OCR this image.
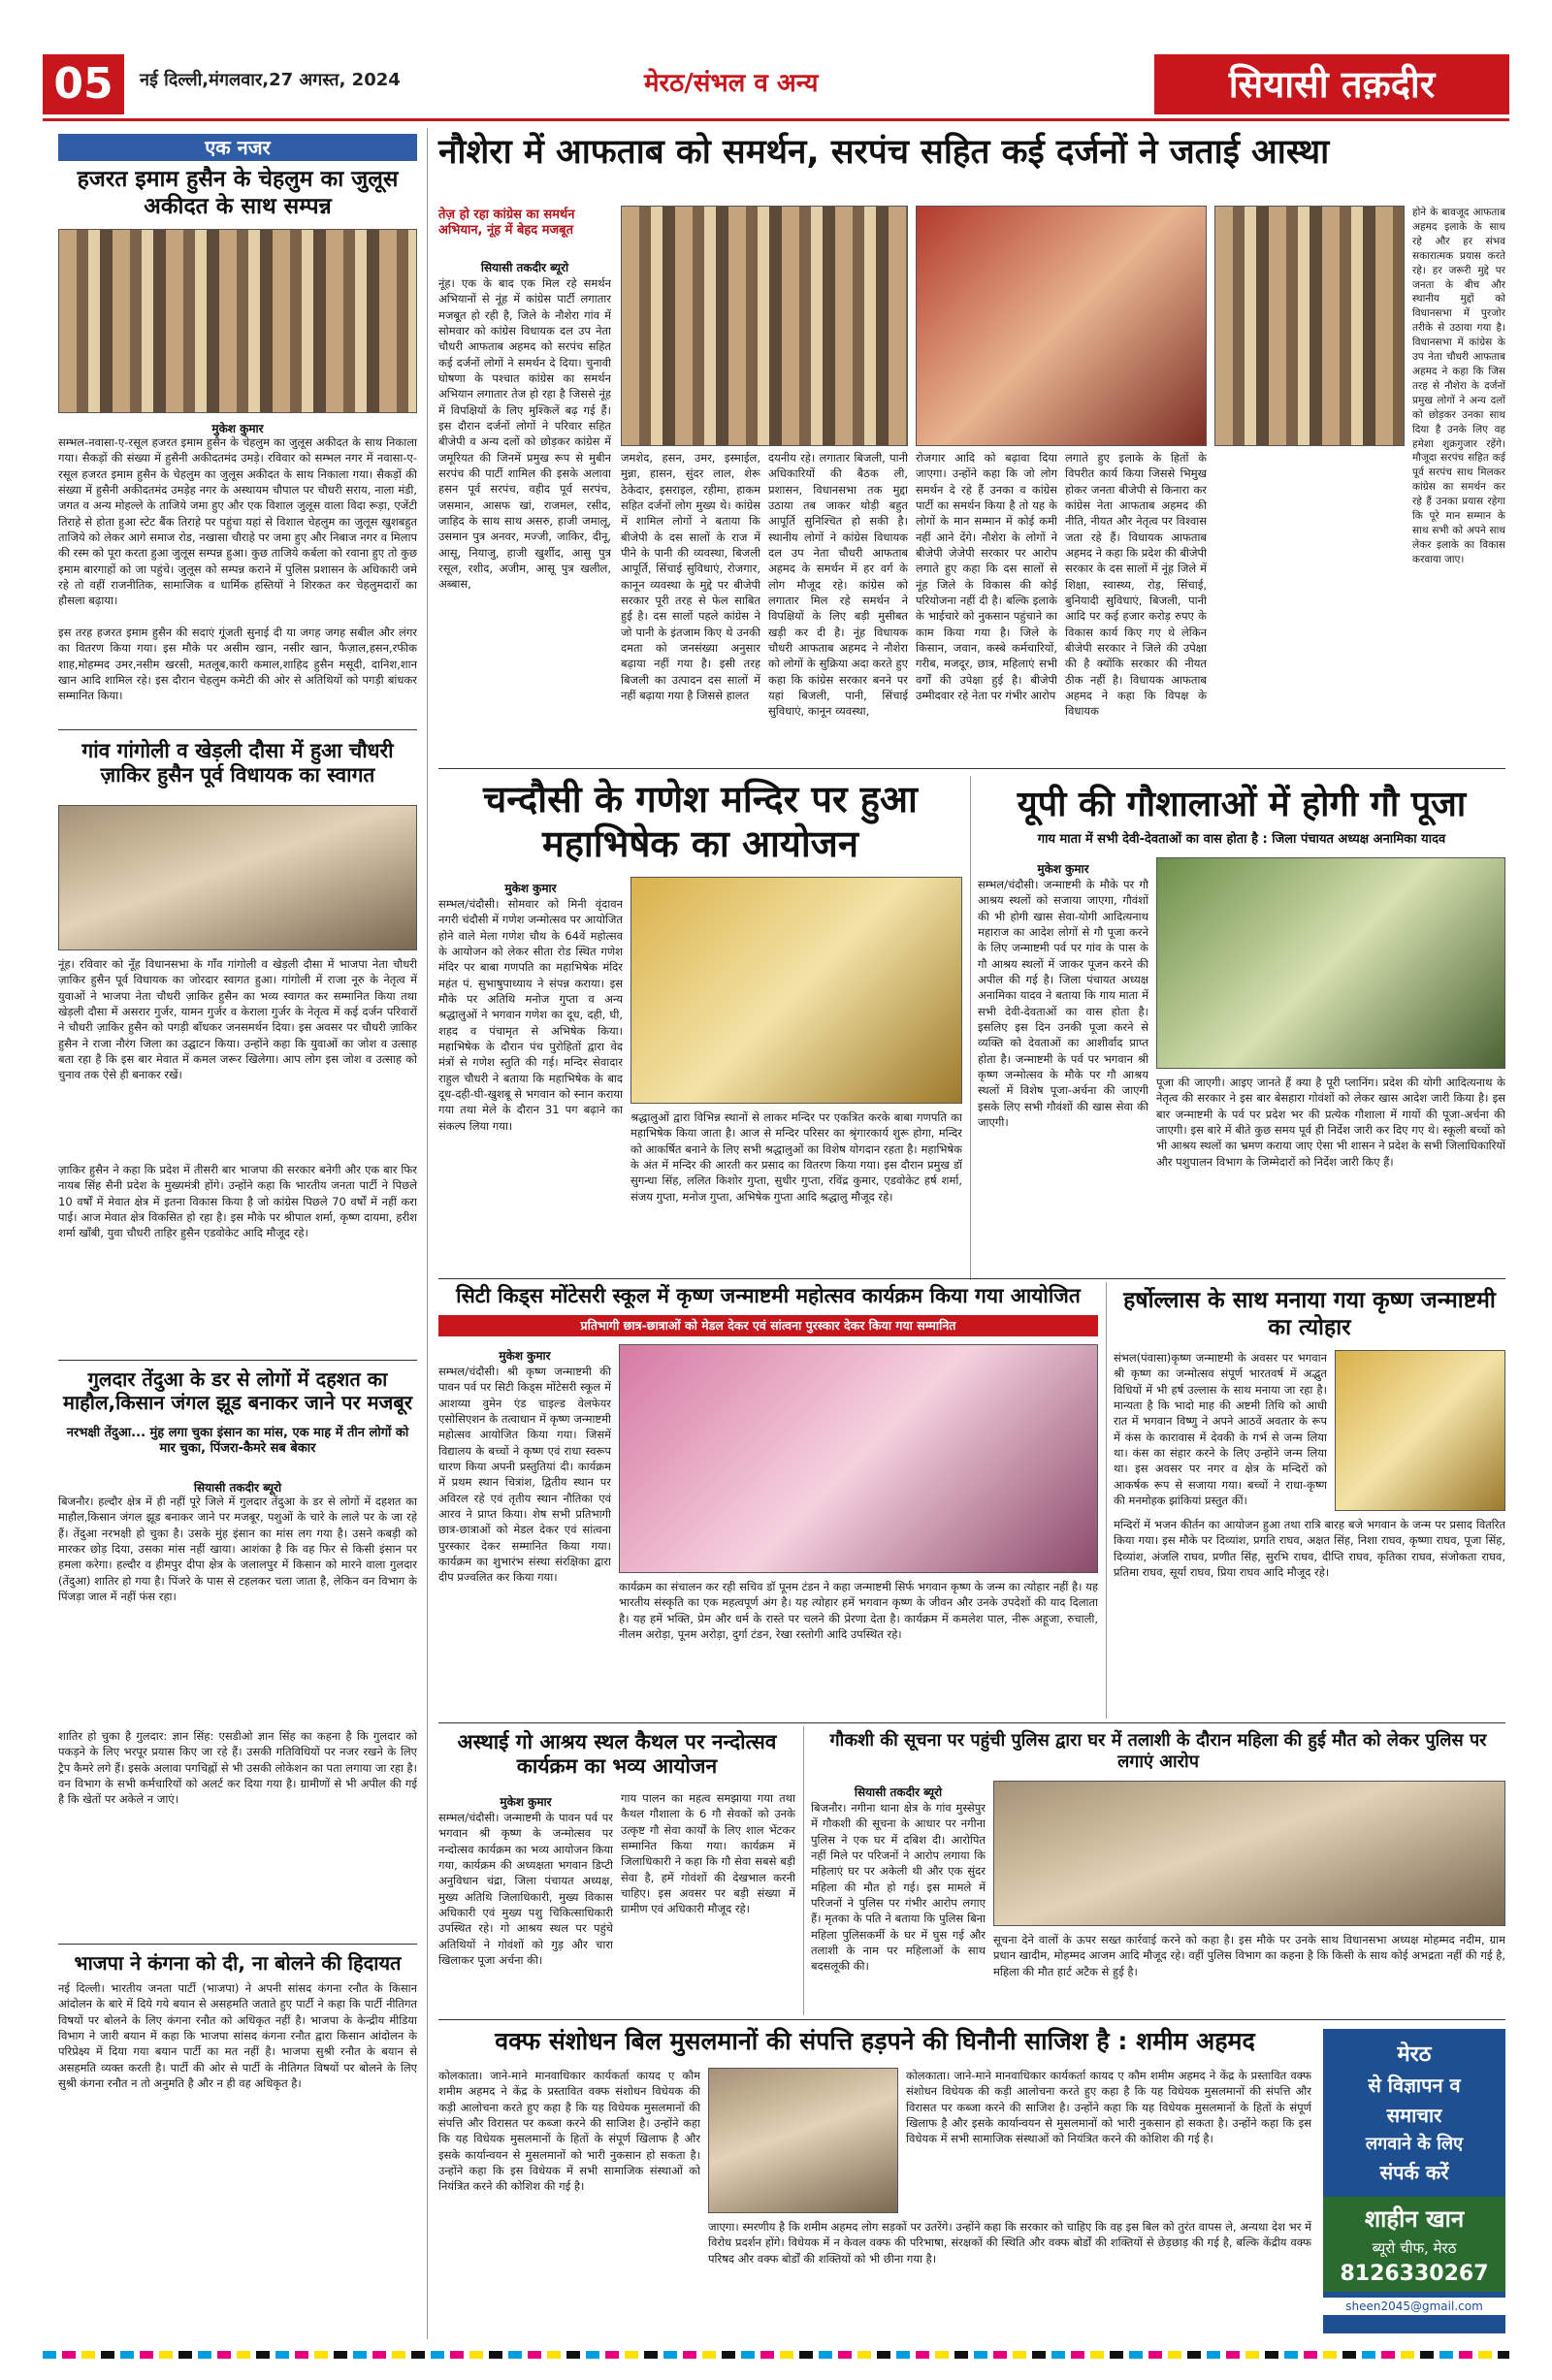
05	नई दिल्ली,मंगलवार,27 अगस्त, 2024	मेरठ/संभल व अन्य	सियासी तक़दीर
एक नजर
हजरत इमाम हुसैन के चेहलुम का जुलूस अकीदत के साथ सम्पन्न
मुकेश कुमार
सम्भल-नवासा-ए-रसूल हजरत इमाम हुसैन के चेहलुम का जुलूस अकीदत के साथ निकाला गया। सैकड़ों की संख्या में हुसैनी अकीदतमंद उमड़े। रविवार को सम्भल नगर में नवासा-ए-रसूल हजरत इमाम हुसैन के चेहलुम का जुलूस अकीदत के साथ निकाला गया। सैकड़ों की संख्या में हुसैनी अकीदतमंद उमड़ेह नगर के अस्थायम चौपाल पर चौधरी सराय, नाला मंडी, जगत व अन्य मोहल्ले के ताजिये जमा हुए और एक विशाल जुलूस वाला विदा रूड़ा, एजेंटी तिराहे से होता हुआ स्टेट बैंक तिराहे पर पहुंचा यहां से विशाल चेहलुम का जुलूस खुशबहुत ताजिये को लेकर आगे समाज रोड, नखासा चौराहे पर जमा हुए और निबाज नगर व मिलाप की रस्म को पूरा करता हुआ जुलूस सम्पन्न हुआ। कुछ ताजिये कर्बला को रवाना हुए तो कुछ इमाम बारगाहों को जा पहुंचे। जुलूस को सम्पन्न कराने में पुलिस प्रशासन के अधिकारी जमे रहे तो वहीं राजनीतिक, सामाजिक व धार्मिक हस्तियों ने शिरकत कर चेहलुमदारों का हौसला बढ़ाया।
इस तरह हजरत इमाम हुसैन की सदाएं गूंजती सुनाई दी या जगह जगह सबील और लंगर का वितरण किया गया। इस मौके पर असीम खान, नसीर खान, फैज़ाल,हसन,रफीक शाह,मोहम्मद उमर,नसीम खरसी, मतलूब,कारी कमाल,शाहिद हुसैन मसूदी, दानिश,शान खान आदि शामिल रहे। इस दौरान चेहलुम कमेटी की ओर से अतिथियों को पगड़ी बांधकर सम्मानित किया।
गांव गांगोली व खेड़ली दौसा में हुआ चौधरी ज़ाकिर हुसैन पूर्व विधायक का स्वागत
नूंह। रविवार को नूँह विधानसभा के गाँव गांगोली व खेड़ली दौसा में भाजपा नेता चौधरी ज़ाकिर हुसैन पूर्व विधायक का जोरदार स्वागत हुआ। गांगोली में राजा नूरु के नेतृत्व में युवाओं ने भाजपा नेता चौधरी ज़ाकिर हुसैन का भव्य स्वागत कर सम्मानित किया तथा खेड़ली दौसा में असरार गुर्जर, यामन गुर्जर व केराला गुर्जर के नेतृत्व में कई दर्जन परिवारों ने चौधरी ज़ाकिर हुसैन को पगड़ी बाँधकर जनसमर्थन दिया। इस अवसर पर चौधरी ज़ाकिर हुसैन ने राजा नौरंग जिला का उद्घाटन किया। उन्होंने कहा कि युवाओं का जोश व उत्साह बता रहा है कि इस बार मेवात में कमल जरूर खिलेगा। आप लोग इस जोश व उत्साह को चुनाव तक ऐसे ही बनाकर रखें।
ज़ाकिर हुसैन ने कहा कि प्रदेश में तीसरी बार भाजपा की सरकार बनेगी और एक बार फिर नायब सिंह सैनी प्रदेश के मुख्यमंत्री होंगे। उन्होंने कहा कि भारतीय जनता पार्टी ने पिछले 10 वर्षों में मेवात क्षेत्र में इतना विकास किया है जो कांग्रेस पिछले 70 वर्षों में नहीं करा पाई। आज मेवात क्षेत्र विकसित हो रहा है। इस मौके पर श्रीपाल शर्मा, कृष्ण दायमा, हरीश शर्मा खाँबी, युवा चौधरी ताहिर हुसैन एडवोकेट आदि मौजूद रहे।
गुलदार तेंदुआ के डर से लोगों में दहशत का माहौल,किसान जंगल झूड बनाकर जाने पर मजबूर
नरभक्षी तेंदुआ... मुंह लगा चुका इंसान का मांस, एक माह में तीन लोगों को मार चुका, पिंजरा-कैमरे सब बेकार
सियासी तकदीर ब्यूरो
बिजनौर। हल्दौर क्षेत्र में ही नहीं पूरे जिले में गुलदार तेंदुआ के डर से लोगों में दहशत का माहौल,किसान जंगल झूड बनाकर जाने पर मजबूर, पशुओं के चारे के लाले पर के जा रहे हैं। तेंदुआ नरभक्षी हो चुका है। उसके मुंह इंसान का मांस लग गया है। उसने कबड़ी को मारकर छोड़ दिया, उसका मांस नहीं खाया। आशंका है कि वह फिर से किसी इंसान पर हमला करेगा। हल्दौर व हीमपुर दीपा क्षेत्र के जलालपुर में किसान को मारने वाला गुलदार (तेंदुआ) शातिर हो गया है। पिंजरे के पास से टहलकर चला जाता है, लेकिन वन विभाग के पिंजड़ा जाल में नहीं फंस रहा।
शातिर हो चुका है गुलदार: ज्ञान सिंह: एसडीओ ज्ञान सिंह का कहना है कि गुलदार को पकड़ने के लिए भरपूर प्रयास किए जा रहे हैं। उसकी गतिविधियों पर नजर रखने के लिए ट्रैप कैमरे लगे हैं। इसके अलावा पगचिह्नों से भी उसकी लोकेशन का पता लगाया जा रहा है। वन विभाग के सभी कर्मचारियों को अलर्ट कर दिया गया है। ग्रामीणों से भी अपील की गई है कि खेतों पर अकेले न जाएं।
भाजपा ने कंगना को दी, ना बोलने की हिदायत
नई दिल्ली। भारतीय जनता पार्टी (भाजपा) ने अपनी सांसद कंगना रनौत के किसान आंदोलन के बारे में दिये गये बयान से असहमति जताते हुए पार्टी ने कहा कि पार्टी नीतिगत विषयों पर बोलने के लिए कंगना रनौत को अधिकृत नहीं है। भाजपा के केन्द्रीय मीडिया विभाग ने जारी बयान में कहा कि भाजपा सांसद कंगना रनौत द्वारा किसान आंदोलन के परिप्रेक्ष्य में दिया गया बयान पार्टी का मत नहीं है। भाजपा सुश्री रनौत के बयान से असहमति व्यक्त करती है। पार्टी की ओर से पार्टी के नीतिगत विषयों पर बोलने के लिए सुश्री कंगना रनौत न तो अनुमति है और न ही वह अधिकृत है।
नौशेरा में आफताब को समर्थन, सरपंच सहित कई दर्जनों ने जताई आस्था
तेज़ हो रहा कांग्रेस का समर्थन अभियान, नूंह में बेहद मजबूत
सियासी तकदीर ब्यूरो
नूंह। एक के बाद एक मिल रहे समर्थन अभियानों से नूंह में कांग्रेस पार्टी लगातार मजबूत हो रही है, जिले के नौशेरा गांव में सोमवार को कांग्रेस विधायक दल उप नेता चौधरी आफताब अहमद को सरपंच सहित कई दर्जनों लोगों ने समर्थन दे दिया। चुनावी घोषणा के पश्चात कांग्रेस का समर्थन अभियान लगातार तेज हो रहा है जिससे नूंह में विपक्षियों के लिए मुश्किलें बढ़ गई हैं। इस दौरान दर्जनों लोगों ने परिवार सहित बीजेपी व अन्य दलों को छोड़कर कांग्रेस में जमूरियत की जिनमें प्रमुख रूप से मुबीन सरपंच की पार्टी शामिल की इसके अलावा हसन पूर्व सरपंच, वहीद पूर्व सरपंच, जसमान, आसफ खां, राजमल, रसीद, जाहिद के साथ साथ असरु, हाजी जमालू, उसमान पुत्र अनवर, मज्जी, जाकिर, दीनू, आसू, नियाजु, हाजी खुर्शीद, आसु पुत्र रसूल, रशीद, अजीम, आसू पुत्र खलील, अब्बास,
जमशेद, हसन, उमर, इस्माईल, मुन्ना, हासन, सुंदर लाल, शेरू ठेकेदार, इसराइल, रहीमा, हाकम सहित दर्जनों लोग मुख्य थे। कांग्रेस में शामिल लोगों ने बताया कि बीजेपी के दस सालों के राज में पीने के पानी की व्यवस्था, बिजली आपूर्ति, सिंचाई सुविधाएं, रोजगार, कानून व्यवस्था के मुद्दे पर बीजेपी सरकार पूरी तरह से फेल साबित हुई है। दस सालों पहले कांग्रेस ने जो पानी के इंतजाम किए थे उनकी दमता को जनसंख्या अनुसार बढ़ाया नहीं गया है। इसी तरह बिजली का उत्पादन दस सालों में नहीं बढ़ाया गया है जिससे हालत
दयनीय रहे। लगातार बिजली, पानी अधिकारियों की बैठक ली, प्रशासन, विधानसभा तक मुद्दा उठाया तब जाकर थोड़ी बहुत आपूर्ति सुनिश्चित हो सकी है। स्थानीय लोगों ने कांग्रेस विधायक दल उप नेता चौधरी आफताब अहमद के समर्थन में हर वर्ग के लोग मौजूद रहे। कांग्रेस को लगातार मिल रहे समर्थन ने विपक्षियों के लिए बड़ी मुसीबत खड़ी कर दी है। नूंह विधायक चौधरी आफताब अहमद ने नौशेरा को लोगों के सुक्रिया अदा करते हुए कहा कि कांग्रेस सरकार बनने पर यहां बिजली, पानी, सिंचाई सुविधाएं, कानून व्यवस्था,
रोजगार आदि को बढ़ावा दिया जाएगा। उन्होंने कहा कि जो लोग समर्थन दे रहे हैं उनका व कांग्रेस पार्टी का समर्थन किया है तो यह के लोगों के मान सम्मान में कोई कमी नहीं आने देंगे। नौशेरा के लोगों ने बीजेपी जेजेपी सरकार पर आरोप लगाते हुए कहा कि दस सालों से नूंह जिले के विकास की कोई परियोजना नहीं दी है। बल्कि इलाके के भाईचारे को नुकसान पहुंचाने का काम किया गया है। जिले के किसान, जवान, कस्बे कर्मचारियों, गरीब, मजदूर, छात्र, महिलाएं सभी वर्गों की उपेक्षा हुई है। बीजेपी उम्मीदवार रहे नेता पर गंभीर आरोप
लगाते हुए इलाके के हितों के विपरीत कार्य किया जिससे भिमुख होकर जनता बीजेपी से किनारा कर कांग्रेस नेता आफताब अहमद की नीति, नीयत और नेतृत्व पर विश्वास जता रहे हैं। विधायक आफताब अहमद ने कहा कि प्रदेश की बीजेपी सरकार के दस सालों में नूंह जिले में शिक्षा, स्वास्थ्य, रोड़, सिंचाई, बुनियादी सुविधाएं, बिजली, पानी आदि पर कई हजार करोड़ रुपए के विकास कार्य किए गए थे लेकिन बीजेपी सरकार ने जिले की उपेक्षा की है क्योंकि सरकार की नीयत ठीक नहीं है। विधायक आफताब अहमद ने कहा कि विपक्ष के विधायक
होने के बावजूद आफताब अहमद इलाके के साथ रहे और हर संभव सकारात्मक प्रयास करते रहे। हर जरूरी मुद्दे पर जनता के बीच और स्थानीय मुद्दों को विधानसभा में पुरजोर तरीके से उठाया गया है। विधानसभा में कांग्रेस के उप नेता चौधरी आफताब अहमद ने कहा कि जिस तरह से नौशेरा के दर्जनों प्रमुख लोगों ने अन्य दलों को छोड़कर उनका साथ दिया है उनके लिए वह हमेशा शुक्रगुजार रहेंगे। मौजूदा सरपंच सहित कई पूर्व सरपंच साथ मिलकर कांग्रेस का समर्थन कर रहे हैं उनका प्रयास रहेगा कि पूरे मान सम्मान के साथ सभी को अपने साथ लेकर इलाके का विकास करवाया जाए।
चन्दौसी के गणेश मन्दिर पर हुआ महाभिषेक का आयोजन
मुकेश कुमार
सम्भल/चंदौसी। सोमवार को मिनी वृंदावन नगरी चंदौसी में गणेश जन्मोत्सव पर आयोजित होने वाले मेला गणेश चौथ के 64वें महोत्सव के आयोजन को लेकर सीता रोड स्थित गणेश मंदिर पर बाबा गणपति का महाभिषेक मंदिर महंत पं. सुभाषुपाध्याय ने संपन्न कराया। इस मौके पर अतिथि मनोज गुप्ता व अन्य श्रद्धालुओं ने भगवान गणेश का दूध, दही, घी, शहद व पंचामृत से अभिषेक किया। महाभिषेक के दौरान पंच पुरोहितों द्वारा वेद मंत्रों से गणेश स्तुति की गई। मन्दिर सेवादार राहुल चौधरी ने बताया कि महाभिषेक के बाद दूध-दही-घी-खुशबू से भगवान को स्नान कराया गया तथा मेले के दौरान 31 पग बढ़ाने का संकल्प लिया गया।
श्रद्धालुओं द्वारा विभिन्न स्थानों से लाकर मन्दिर पर एकत्रित करके बाबा गणपति का महाभिषेक किया जाता है। आज से मन्दिर परिसर का श्रृंगारकार्य शुरू होगा, मन्दिर को आकर्षित बनाने के लिए सभी श्रद्धालुओं का विशेष योगदान रहता है। महाभिषेक के अंत में मन्दिर की आरती कर प्रसाद का वितरण किया गया। इस दौरान प्रमुख डॉ सुगन्धा सिंह, ललित किशोर गुप्ता, सुधीर गुप्ता, रविंद्र कुमार, एडवोकेट हर्ष शर्मा, संजय गुप्ता, मनोज गुप्ता, अभिषेक गुप्ता आदि श्रद्धालु मौजूद रहे।
यूपी की गौशालाओं में होगी गौ पूजा
गाय माता में सभी देवी-देवताओं का वास होता है : जिला पंचायत अध्यक्ष अनामिका यादव
मुकेश कुमार
सम्भल/चंदौसी। जन्माष्टमी के मौके पर गौ आश्रय स्थलों को सजाया जाएगा, गौवंशों की भी होगी खास सेवा-योगी आदित्यनाथ महाराज का आदेश लोगों से गौ पूजा करने के लिए जन्माष्टमी पर्व पर गांव के पास के गौ आश्रय स्थलों में जाकर पूजन करने की अपील की गई है। जिला पंचायत अध्यक्ष अनामिका यादव ने बताया कि गाय माता में सभी देवी-देवताओं का वास होता है। इसलिए इस दिन उनकी पूजा करने से व्यक्ति को देवताओं का आशीर्वाद प्राप्त होता है। जन्माष्टमी के पर्व पर भगवान श्री कृष्ण जन्मोत्सव के मौके पर गौ आश्रय स्थलों में विशेष पूजा-अर्चना की जाएगी इसके लिए सभी गौवंशों की खास सेवा की जाएगी।
पूजा की जाएगी। आइए जानते हैं क्या है पूरी प्लानिंग। प्रदेश की योगी आदित्यनाथ के नेतृत्व की सरकार ने इस बार बेसहारा गोवंशों को लेकर खास आदेश जारी किया है। इस बार जन्माष्टमी के पर्व पर प्रदेश भर की प्रत्येक गौशाला में गायों की पूजा-अर्चना की जाएगी। इस बारे में बीते कुछ समय पूर्व ही निर्देश जारी कर दिए गए थे। स्कूली बच्चों को भी आश्रय स्थलों का भ्रमण कराया जाए ऐसा भी शासन ने प्रदेश के सभी जिलाधिकारियों और पशुपालन विभाग के जिम्मेदारों को निर्देश जारी किए हैं।
सिटी किड्स मोंटेसरी स्कूल में कृष्ण जन्माष्टमी महोत्सव कार्यक्रम किया गया आयोजित
प्रतिभागी छात्र-छात्राओं को मेडल देकर एवं सांत्वना पुरस्कार देकर किया गया सम्मानित
मुकेश कुमार
सम्भल/चंदौसी। श्री कृष्ण जन्माष्टमी की पावन पर्व पर सिटी किड्स मोंटेसरी स्कूल में आशय्या वुमेन एंड चाइल्ड वेलफेयर एसोसिएशन के तत्वाधान में कृष्ण जन्माष्टमी महोत्सव आयोजित किया गया। जिसमें विद्यालय के बच्चों ने कृष्ण एवं राधा स्वरूप धारण किया अपनी प्रस्तुतियां दी। कार्यक्रम में प्रथम स्थान चित्रांश, द्वितीय स्थान पर अविरल रहे एवं तृतीय स्थान नौतिका एवं आरव ने प्राप्त किया। शेष सभी प्रतिभागी छात्र-छात्राओं को मेडल देकर एवं सांत्वना पुरस्कार देकर सम्मानित किया गया। कार्यक्रम का शुभारंभ संस्था संरक्षिका द्वारा दीप प्रज्वलित कर किया गया।
कार्यक्रम का संचालन कर रही सचिव डॉ पूनम टंडन ने कहा जन्माष्टमी सिर्फ भगवान कृष्ण के जन्म का त्योहार नहीं है। यह भारतीय संस्कृति का एक महत्वपूर्ण अंग है। यह त्योहार हमें भगवान कृष्ण के जीवन और उनके उपदेशों की याद दिलाता है। यह हमें भक्ति, प्रेम और धर्म के रास्ते पर चलने की प्रेरणा देता है। कार्यक्रम में कमलेश पाल, नीरू अहूजा, रुचाली, नीलम अरोड़ा, पूनम अरोड़ा, दुर्गा टंडन, रेखा रस्तोगी आदि उपस्थित रहे।
हर्षोल्लास के साथ मनाया गया कृष्ण जन्माष्टमी का त्योहार
संभल(पंवासा)कृष्ण जन्माष्टमी के अवसर पर भगवान श्री कृष्ण का जन्मोत्सव संपूर्ण भारतवर्ष में अद्भुत विधियों में भी हर्ष उल्लास के साथ मनाया जा रहा है। मान्यता है कि भादो माह की अष्टमी तिथि को आधी रात में भगवान विष्णु ने अपने आठवें अवतार के रूप में कंस के कारावास में देवकी के गर्भ से जन्म लिया था। कंस का संहार करने के लिए उन्होंने जन्म लिया था। इस अवसर पर नगर व क्षेत्र के मन्दिरों को आकर्षक रूप से सजाया गया। बच्चों ने राधा-कृष्ण की मनमोहक झांकियां प्रस्तुत कीं।
मन्दिरों में भजन कीर्तन का आयोजन हुआ तथा रात्रि बारह बजे भगवान के जन्म पर प्रसाद वितरित किया गया। इस मौके पर दिव्यांश, प्रगति राघव, अक्षत सिंह, निशा राघव, कृष्णा राघव, पूजा सिंह, दिव्यांश, अंजलि राघव, प्रणीत सिंह, सुरभि राघव, दीप्ति राघव, कृतिका राघव, संजोकता राघव, प्रतिमा राघव, सूर्या राघव, प्रिया राघव आदि मौजूद रहे।
अस्थाई गो आश्रय स्थल कैथल पर नन्दोत्सव कार्यक्रम का भव्य आयोजन
मुकेश कुमार
सम्भल/चंदौसी। जन्माष्टमी के पावन पर्व पर भगवान श्री कृष्ण के जन्मोत्सव पर नन्दोत्सव कार्यक्रम का भव्य आयोजन किया गया, कार्यक्रम की अध्यक्षता भगवान डिप्टी अनुविधान चंद्रा, जिला पंचायत अध्यक्ष, मुख्य अतिथि जिलाधिकारी, मुख्य विकास अधिकारी एवं मुख्य पशु चिकित्साधिकारी उपस्थित रहे। गो आश्रय स्थल पर पहुंचे अतिथियों ने गोवंशों को गुड़ और चारा खिलाकर पूजा अर्चना की।
गाय पालन का महत्व समझाया गया तथा कैथल गौशाला के 6 गौ सेवकों को उनके उत्कृष्ट गौ सेवा कार्यों के लिए शाल भेंटकर सम्मानित किया गया। कार्यक्रम में जिलाधिकारी ने कहा कि गौ सेवा सबसे बड़ी सेवा है, हमें गोवंशों की देखभाल करनी चाहिए। इस अवसर पर बड़ी संख्या में ग्रामीण एवं अधिकारी मौजूद रहे।
गौकशी की सूचना पर पहुंची पुलिस द्वारा घर में तलाशी के दौरान महिला की हुई मौत को लेकर पुलिस पर लगाएं आरोप
सियासी तकदीर ब्यूरो
बिजनौर। नगीना थाना क्षेत्र के गांव मुस्सेपुर में गौकशी की सूचना के आधार पर नगीना पुलिस ने एक घर में दबिश दी। आरोपित नहीं मिले पर परिजनों ने आरोप लगाया कि महिलाएं घर पर अकेली थी और एक सुंदर महिला की मौत हो गई। इस मामले में परिजनों ने पुलिस पर गंभीर आरोप लगाए हैं। मृतका के पति ने बताया कि पुलिस बिना महिला पुलिसकर्मी के घर में घुस गई और तलाशी के नाम पर महिलाओं के साथ बदसलूकी की।
सूचना देने वालों के ऊपर सख्त कार्रवाई करने को कहा है। इस मौके पर उनके साथ विधानसभा अध्यक्ष मोहम्मद नदीम, ग्राम प्रधान खादीम, मोहम्मद आजम आदि मौजूद रहे। वहीं पुलिस विभाग का कहना है कि किसी के साथ कोई अभद्रता नहीं की गई है, महिला की मौत हार्ट अटैक से हुई है।
वक्फ संशोधन बिल मुसलमानों की संपत्ति हड़पने की घिनौनी साजिश है : शमीम अहमद
कोलकाता। जाने-माने मानवाधिकार कार्यकर्ता कायद ए कौम शमीम अहमद ने केंद्र के प्रस्तावित वक्फ संशोधन विधेयक की कड़ी आलोचना करते हुए कहा है कि यह विधेयक मुसलमानों की संपत्ति और विरासत पर कब्जा करने की साजिश है। उन्होंने कहा कि यह विधेयक मुसलमानों के हितों के संपूर्ण खिलाफ है और इसके कार्यान्वयन से मुसलमानों को भारी नुकसान हो सकता है। उन्होंने कहा कि इस विधेयक में सभी सामाजिक संस्थाओं को नियंत्रित करने की कोशिश की गई है।
जाएगा। स्मरणीय है कि शमीम अहमद लोग सड़कों पर उतरेंगे। उन्होंने कहा कि सरकार को चाहिए कि वह इस बिल को तुरंत वापस ले, अन्यथा देश भर में विरोध प्रदर्शन होंगे। विधेयक में न केवल वक्फ की परिभाषा, संरक्षकों की स्थिति और वक्फ बोर्डों की शक्तियों से छेड़छाड़ की गई है, बल्कि केंद्रीय वक्फ परिषद और वक्फ बोर्डों की शक्तियों को भी छीना गया है।
कोलकाता। जाने-माने मानवाधिकार कार्यकर्ता कायद ए कौम शमीम अहमद ने केंद्र के प्रस्तावित वक्फ संशोधन विधेयक की कड़ी आलोचना करते हुए कहा है कि यह विधेयक मुसलमानों की संपत्ति और विरासत पर कब्जा करने की साजिश है। उन्होंने कहा कि यह विधेयक मुसलमानों के हितों के संपूर्ण खिलाफ है और इसके कार्यान्वयन से मुसलमानों को भारी नुकसान हो सकता है। उन्होंने कहा कि इस विधेयक में सभी सामाजिक संस्थाओं को नियंत्रित करने की कोशिश की गई है।
मेरठ
से विज्ञापन व
समाचार
लगवाने के लिए
संपर्क करें
शाहीन खान
ब्यूरो चीफ, मेरठ
8126330267
sheen2045@gmail.com
